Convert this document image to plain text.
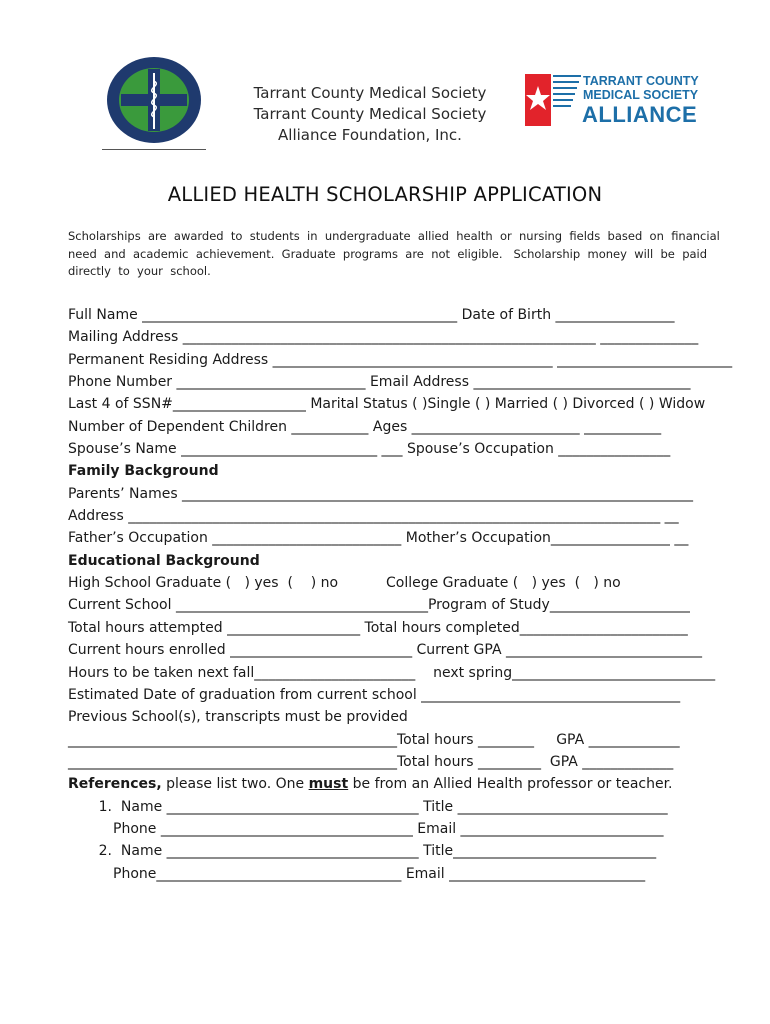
Tarrant County Medical Society
Tarrant County Medical Society
Alliance Foundation, Inc.
TARRANT COUNTY
MEDICAL SOCIETY
ALLIANCE
ALLIED HEALTH SCHOLARSHIP APPLICATION
Scholarships  are  awarded  to  students  in  undergraduate  allied  health  or  nursing  fields  based  on  financial
need  and  academic  achievement.  Graduate  programs  are  not  eligible.   Scholarship  money  will  be  paid
directly  to  your  school.
Full Name _____________________________________________ Date of Birth _________________
Mailing Address ___________________________________________________________ ______________
Permanent Residing Address ________________________________________ _________________________
Phone Number ___________________________ Email Address _______________________________
Last 4 of SSN#___________________ Marital Status ( )Single ( ) Married ( ) Divorced ( ) Widow
Number of Dependent Children ___________ Ages ________________________ ___________
Spouse’s Name ____________________________ ___ Spouse’s Occupation ________________
Family Background
Parents’ Names _________________________________________________________________________
Address ____________________________________________________________________________ __
Father’s Occupation ___________________________ Mother’s Occupation_________________ __
Educational Background
High School Graduate (   ) yes  (    ) no	College Graduate (   ) yes  (   ) no
Current School ____________________________________Program of Study____________________
Total hours attempted ___________________ Total hours completed________________________
Current hours enrolled __________________________ Current GPA ____________________________
Hours to be taken next fall_______________________    next spring_____________________________
Estimated Date of graduation from current school _____________________________________
Previous School(s), transcripts must be provided
_______________________________________________Total hours ________     GPA _____________
_______________________________________________Total hours _________  GPA _____________
References, please list two. One must be from an Allied Health professor or teacher.
1. Name ____________________________________ Title ______________________________
Phone ____________________________________ Email _____________________________
2. Name ____________________________________ Title_____________________________
Phone___________________________________ Email ____________________________
